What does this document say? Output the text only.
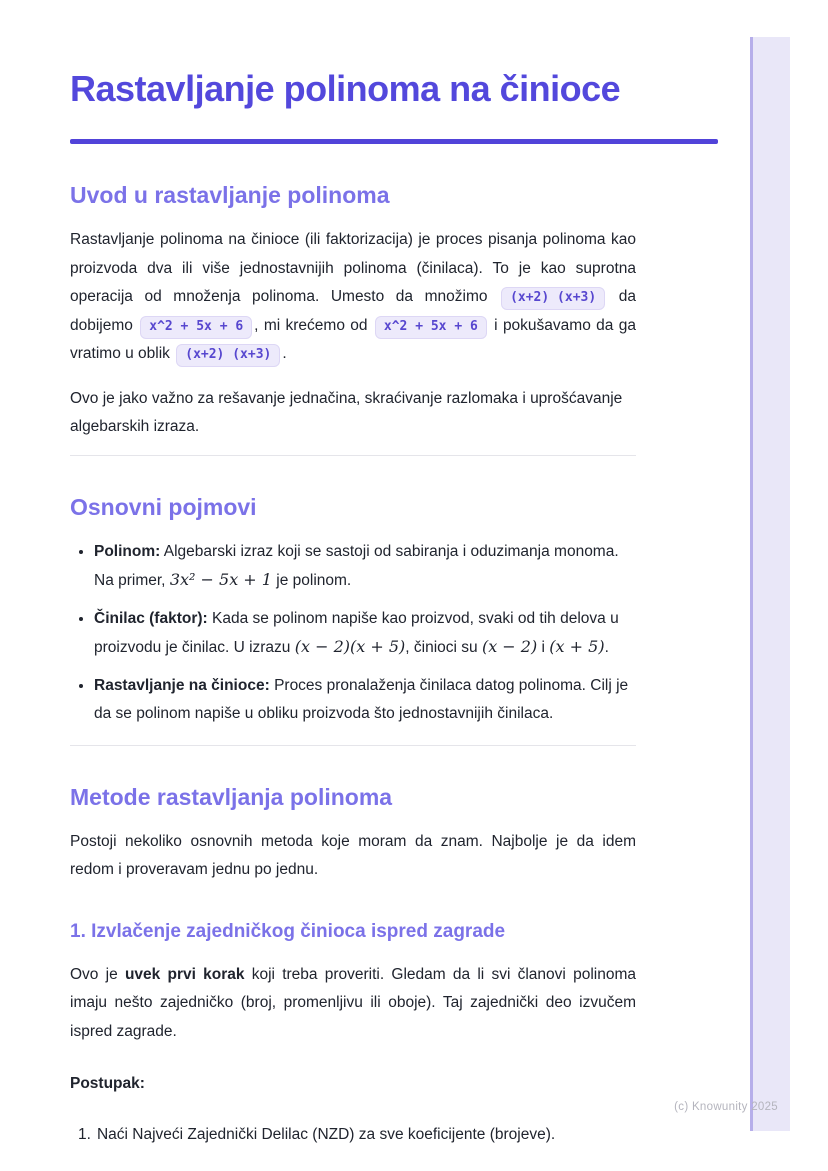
(c) Knowunity 2025
Rastavljanje polinoma na činioce
Uvod u rastavljanje polinoma

Rastavljanje polinoma na činioce (ili faktorizacija) je proces pisanja polinoma kao proizvoda dva ili više jednostavnijih polinoma (činilaca). To je kao suprotna operacija od množenja polinoma. Umesto da množimo (x+2) (x+3) da dobijemo x^2 + 5x + 6 , mi krećemo od x^2 + 5x + 6 i pokušavamo da ga vratimo u oblik (x+2) (x+3) .

Ovo je jako važno za rešavanje jednačina, skraćivanje razlomaka i uprošćavanje algebarskih izraza.

Osnovni pojmovi
• Polinom: Algebarski izraz koji se sastoji od sabiranja i oduzimanja monoma. Na primer, 3x² − 5x + 1 je polinom.
• Činilac (faktor): Kada se polinom napiše kao proizvod, svaki od tih delova u proizvodu je činilac. U izrazu (x − 2)(x + 5), činioci su (x − 2) i (x + 5).
• Rastavljanje na činioce: Proces pronalaženja činilaca datog polinoma. Cilj je da se polinom napiše u obliku proizvoda što jednostavnijih činilaca.
Metode rastavljanja polinoma

Postoji nekoliko osnovnih metoda koje moram da znam. Najbolje je da idem redom i proveravam jednu po jednu.

1. Izvlačenje zajedničkog činioca ispred zagrade

Ovo je uvek prvi korak koji treba proveriti. Gledam da li svi članovi polinoma imaju nešto zajedničko (broj, promenljivu ili oboje). Taj zajednički deo izvučem ispred zagrade.

Postupak:

1. Naći Najveći Zajednički Delilac (NZD) za sve koeficijente (brojeve).
